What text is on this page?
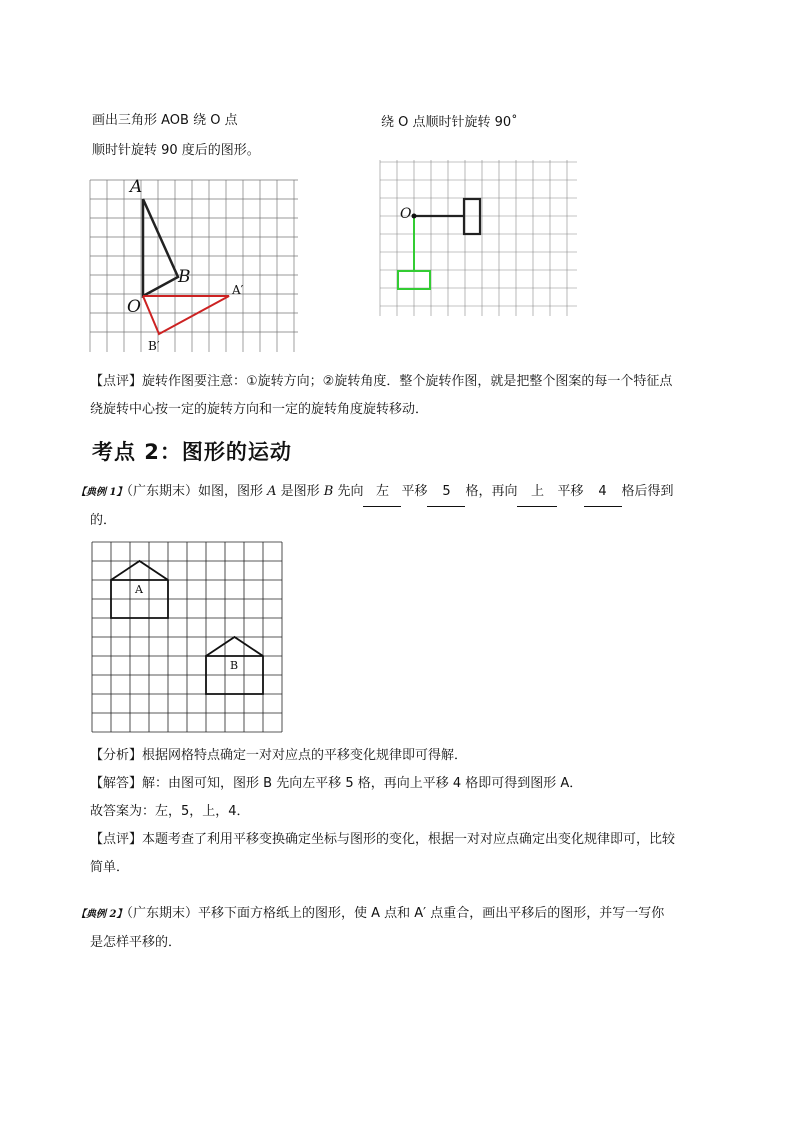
画出三角形 AOB 绕 O 点
顺时针旋转 90 度后的图形。
A
B
O
A′
B′
绕 O 点顺时针旋转 90˚
O
【点评】旋转作图要注意：①旋转方向；②旋转角度．整个旋转作图，就是把整个图案的每一个特征点
绕旋转中心按一定的旋转方向和一定的旋转角度旋转移动．
考点 2：图形的运动
【典例 1】（广东期末）如图，图形 A 是图形 B 先向 左 平移 5 格，再向 上 平移 4 格后得到
的．
A
B
【分析】根据网格特点确定一对对应点的平移变化规律即可得解．
【解答】解：由图可知，图形 B 先向左平移 5 格，再向上平移 4 格即可得到图形 A．
故答案为：左，5，上，4．
【点评】本题考查了利用平移变换确定坐标与图形的变化，根据一对对应点确定出变化规律即可，比较
简单．
【典例 2】（广东期末）平移下面方格纸上的图形，使 A 点和 A′ 点重合，画出平移后的图形，并写一写你
是怎样平移的．
